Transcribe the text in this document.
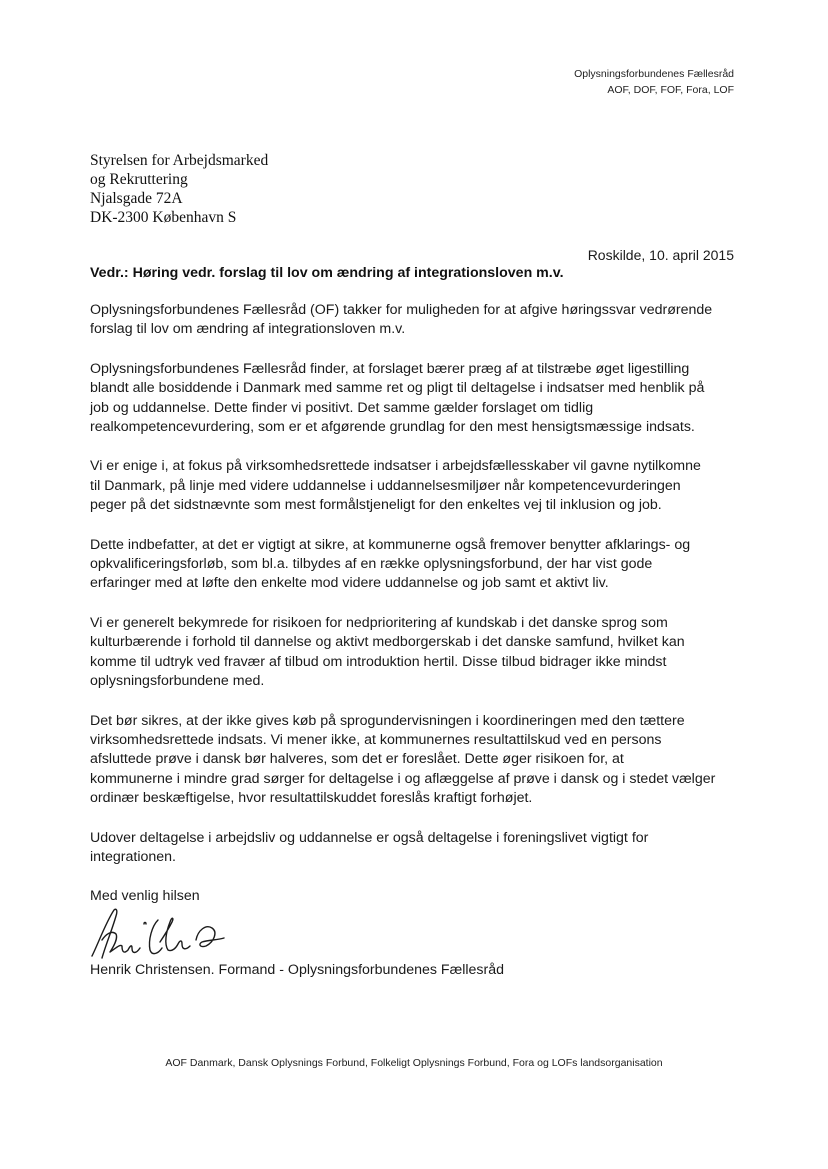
Oplysningsforbundenes Fællesråd
AOF, DOF, FOF, Fora, LOF
Styrelsen for Arbejdsmarked
og Rekruttering
Njalsgade 72A
DK-2300 København S
Roskilde, 10. april 2015
Vedr.: Høring vedr. forslag til lov om ændring af integrationsloven m.v.

Oplysningsforbundenes Fællesråd (OF) takker for muligheden for at afgive høringssvar vedrørende
forslag til lov om ændring af integrationsloven m.v.

Oplysningsforbundenes Fællesråd finder, at forslaget bærer præg af at tilstræbe øget ligestilling
blandt alle bosiddende i Danmark med samme ret og pligt til deltagelse i indsatser med henblik på
job og uddannelse. Dette finder vi positivt. Det samme gælder forslaget om tidlig
realkompetencevurdering, som er et afgørende grundlag for den mest hensigtsmæssige indsats.

Vi er enige i, at fokus på virksomhedsrettede indsatser i arbejdsfællesskaber vil gavne nytilkomne
til Danmark, på linje med videre uddannelse i uddannelsesmiljøer når kompetencevurderingen
peger på det sidstnævnte som mest formålstjeneligt for den enkeltes vej til inklusion og job.

Dette indbefatter, at det er vigtigt at sikre, at kommunerne også fremover benytter afklarings- og
opkvalificeringsforløb, som bl.a. tilbydes af en række oplysningsforbund, der har vist gode
erfaringer med at løfte den enkelte mod videre uddannelse og job samt et aktivt liv.

Vi er generelt bekymrede for risikoen for nedprioritering af kundskab i det danske sprog som
kulturbærende i forhold til dannelse og aktivt medborgerskab i det danske samfund, hvilket kan
komme til udtryk ved fravær af tilbud om introduktion hertil. Disse tilbud bidrager ikke mindst
oplysningsforbundene med.

Det bør sikres, at der ikke gives køb på sprogundervisningen i koordineringen med den tættere
virksomhedsrettede indsats. Vi mener ikke, at kommunernes resultattilskud ved en persons
afsluttede prøve i dansk bør halveres, som det er foreslået. Dette øger risikoen for, at
kommunerne i mindre grad sørger for deltagelse i og aflæggelse af prøve i dansk og i stedet vælger
ordinær beskæftigelse, hvor resultattilskuddet foreslås kraftigt forhøjet.

Udover deltagelse i arbejdsliv og uddannelse er også deltagelse i foreningslivet vigtigt for
integrationen.

Med venlig hilsen
Henrik Christensen. Formand - Oplysningsforbundenes Fællesråd
AOF Danmark, Dansk Oplysnings Forbund, Folkeligt Oplysnings Forbund, Fora og LOFs landsorganisation
